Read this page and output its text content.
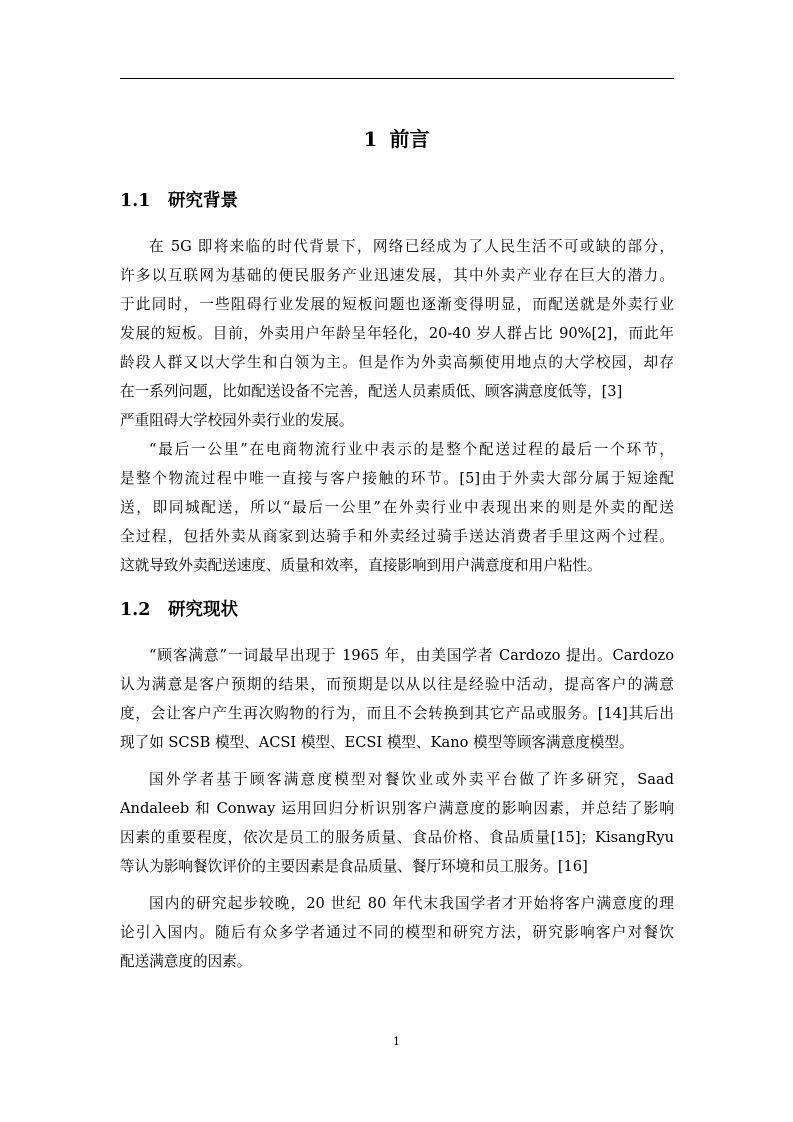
1 前言
1.1 研究背景
在 5G 即将来临的时代背景下，网络已经成为了人民生活不可或缺的部分，
许多以互联网为基础的便民服务产业迅速发展，其中外卖产业存在巨大的潜力。
于此同时，一些阻碍行业发展的短板问题也逐渐变得明显，而配送就是外卖行业
发展的短板。目前，外卖用户年龄呈年轻化，20-40 岁人群占比 90%[2]，而此年
龄段人群又以大学生和白领为主。但是作为外卖高频使用地点的大学校园，却存
在一系列问题，比如配送设备不完善，配送人员素质低、顾客满意度低等，[3]
严重阻碍大学校园外卖行业的发展。
“最后一公里”在电商物流行业中表示的是整个配送过程的最后一个环节，
是整个物流过程中唯一直接与客户接触的环节。[5]由于外卖大部分属于短途配
送，即同城配送，所以“最后一公里”在外卖行业中表现出来的则是外卖的配送
全过程，包括外卖从商家到达骑手和外卖经过骑手送达消费者手里这两个过程。
这就导致外卖配送速度、质量和效率，直接影响到用户满意度和用户粘性。
1.2 研究现状
“顾客满意”一词最早出现于 1965 年，由美国学者 Cardozo 提出。Cardozo
认为满意是客户预期的结果，而预期是以从以往是经验中活动，提高客户的满意
度，会让客户产生再次购物的行为，而且不会转换到其它产品或服务。[14]其后出
现了如 SCSB 模型、ACSI 模型、ECSI 模型、Kano 模型等顾客满意度模型。
国外学者基于顾客满意度模型对餐饮业或外卖平台做了许多研究，Saad
Andaleeb 和 Conway 运用回归分析识别客户满意度的影响因素，并总结了影响
因素的重要程度，依次是员工的服务质量、食品价格、食品质量[15]；KisangRyu
等认为影响餐饮评价的主要因素是食品质量、餐厅环境和员工服务。[16]
国内的研究起步较晚，20 世纪 80 年代末我国学者才开始将客户满意度的理
论引入国内。随后有众多学者通过不同的模型和研究方法，研究影响客户对餐饮
配送满意度的因素。
1
